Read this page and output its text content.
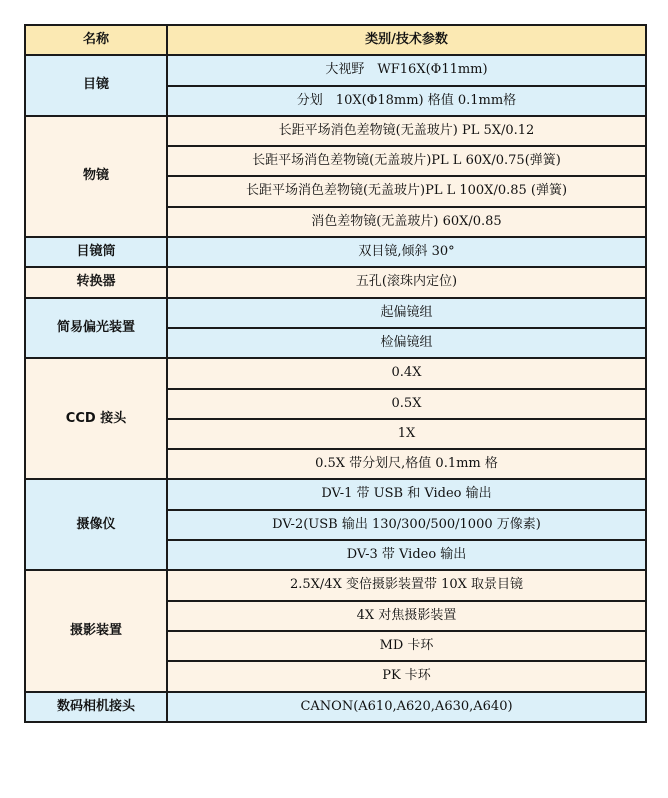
名称	类别/技术参数
目镜	大视野　WF16X(Φ11mm)
	分划　10X(Φ18mm) 格值 0.1mm格
物镜	长距平场消色差物镜(无盖玻片) PL 5X/0.12
	长距平场消色差物镜(无盖玻片)PL L 60X/0.75(弹簧)
	长距平场消色差物镜(无盖玻片)PL L 100X/0.85 (弹簧)
	消色差物镜(无盖玻片) 60X/0.85
目镜筒	双目镜,倾斜 30°
转换器	五孔(滚珠内定位)
简易偏光装置	起偏镜组
	检偏镜组
CCD 接头	0.4X
	0.5X
	1X
	0.5X 带分划尺,格值 0.1mm 格
摄像仪	DV-1 带 USB 和 Video 输出
	DV-2(USB 输出 130/300/500/1000 万像素)
	DV-3 带 Video 输出
摄影装置	2.5X/4X 变倍摄影装置带 10X 取景目镜
	4X 对焦摄影装置
	MD 卡环
	PK 卡环
数码相机接头	CANON(A610,A620,A630,A640)
